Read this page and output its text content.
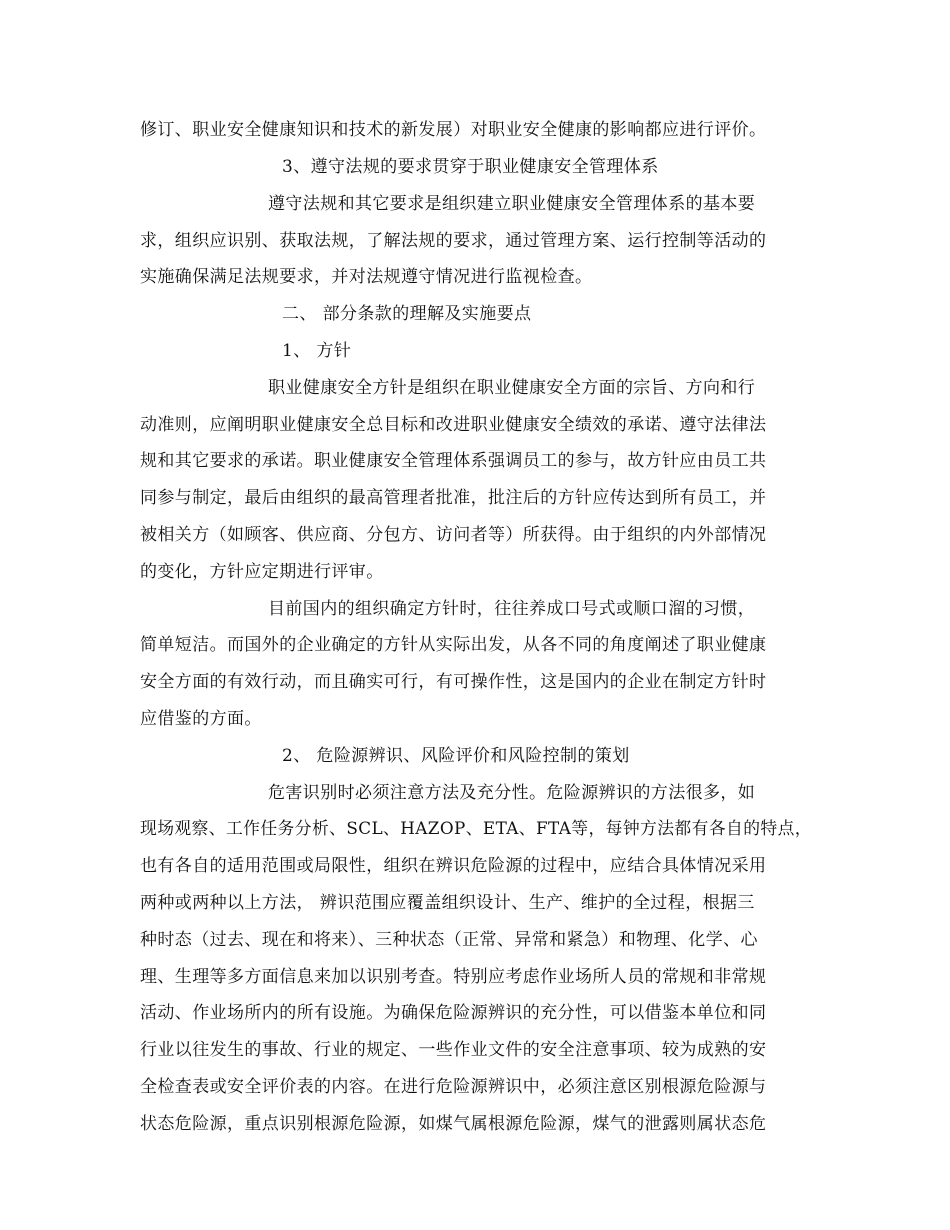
修订、职业安全健康知识和技术的新发展）对职业安全健康的影响都应进行评价。
3、遵守法规的要求贯穿于职业健康安全管理体系
遵守法规和其它要求是组织建立职业健康安全管理体系的基本要
求，组织应识别、获取法规，了解法规的要求，通过管理方案、运行控制等活动的
实施确保满足法规要求，并对法规遵守情况进行监视检查。
二、 部分条款的理解及实施要点
1、 方针
职业健康安全方针是组织在职业健康安全方面的宗旨、方向和行
动准则，应阐明职业健康安全总目标和改进职业健康安全绩效的承诺、遵守法律法
规和其它要求的承诺。职业健康安全管理体系强调员工的参与，故方针应由员工共
同参与制定，最后由组织的最高管理者批准，批注后的方针应传达到所有员工，并
被相关方（如顾客、供应商、分包方、访问者等）所获得。由于组织的内外部情况
的变化，方针应定期进行评审。
目前国内的组织确定方针时，往往养成口号式或顺口溜的习惯，
简单短洁。而国外的企业确定的方针从实际出发，从各不同的角度阐述了职业健康
安全方面的有效行动，而且确实可行，有可操作性，这是国内的企业在制定方针时
应借鉴的方面。
2、 危险源辨识、风险评价和风险控制的策划
危害识别时必须注意方法及充分性。危险源辨识的方法很多，如
现场观察、工作任务分析、SCL、HAZOP、ETA、FTA等，每钟方法都有各自的特点，
也有各自的适用范围或局限性，组织在辨识危险源的过程中，应结合具体情况采用
两种或两种以上方法， 辨识范围应覆盖组织设计、生产、维护的全过程，根据三
种时态（过去、现在和将来）、三种状态（正常、异常和紧急）和物理、化学、心
理、生理等多方面信息来加以识别考查。特别应考虑作业场所人员的常规和非常规
活动、作业场所内的所有设施。为确保危险源辨识的充分性，可以借鉴本单位和同
行业以往发生的事故、行业的规定、一些作业文件的安全注意事项、较为成熟的安
全检查表或安全评价表的内容。在进行危险源辨识中，必须注意区别根源危险源与
状态危险源，重点识别根源危险源，如煤气属根源危险源，煤气的泄露则属状态危
